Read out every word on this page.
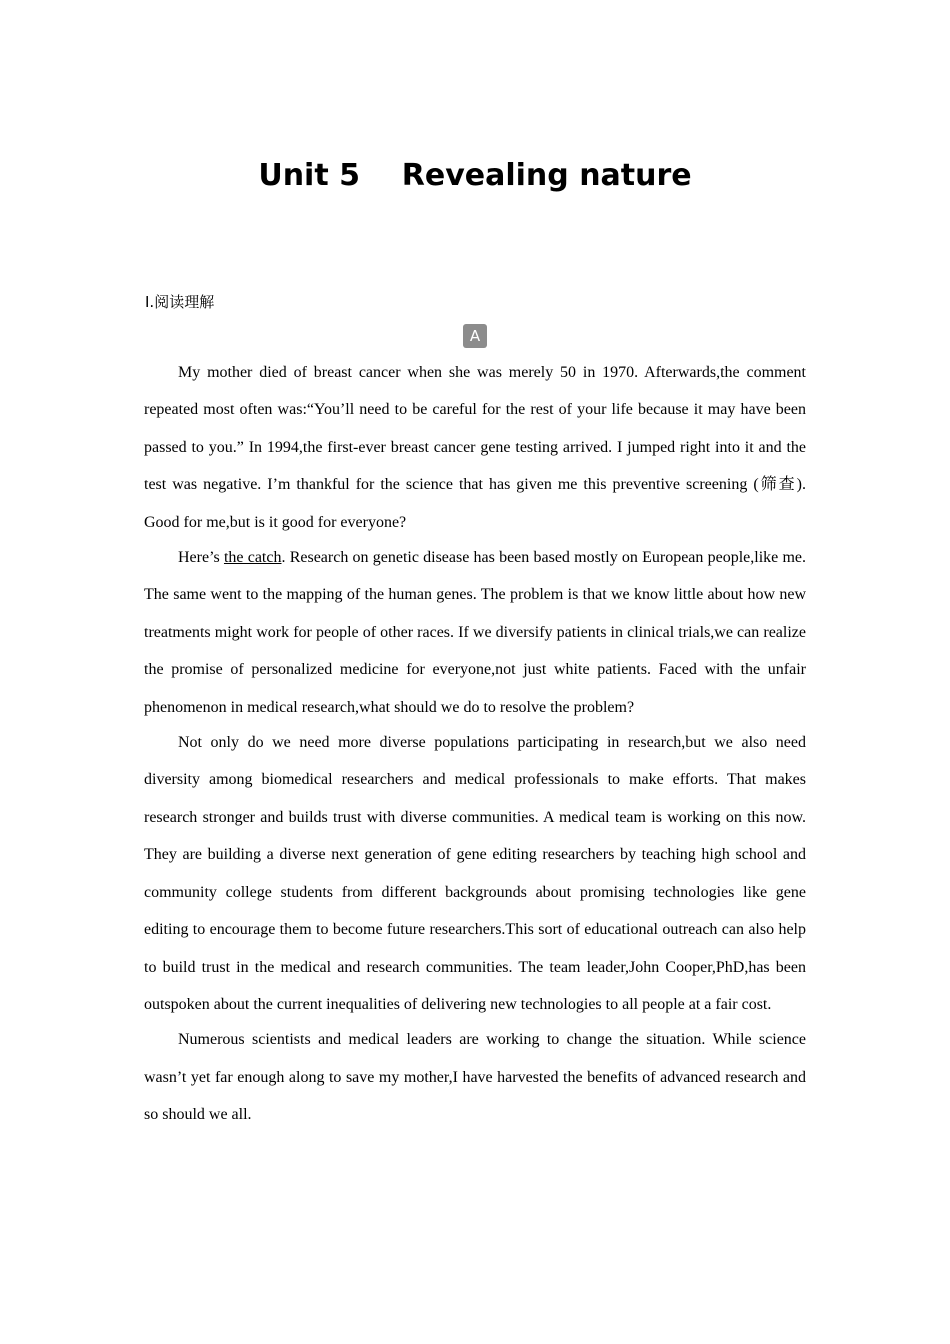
Unit 5    Revealing nature
Ⅰ.阅读理解
A

My mother died of breast cancer when she was merely 50 in 1970. Afterwards,the comment repeated most often was:“You’ll need to be careful for the rest of your life because it may have been passed to you.” In 1994,the first-ever breast cancer gene testing arrived. I jumped right into it and the test was negative. I’m thankful for the science that has given me this preventive screening (筛查). Good for me,but is it good for everyone?

Here’s the catch. Research on genetic disease has been based mostly on European people,like me. The same went to the mapping of the human genes. The problem is that we know little about how new treatments might work for people of other races. If we diversify patients in clinical trials,we can realize the promise of personalized medicine for everyone,not just white patients. Faced with the unfair phenomenon in medical research,what should we do to resolve the problem?

Not only do we need more diverse populations participating in research,but we also need diversity among biomedical researchers and medical professionals to make efforts. That makes research stronger and builds trust with diverse communities. A medical team is working on this now. They are building a diverse next generation of gene editing researchers by teaching high school and community college students from different backgrounds about promising technologies like gene editing to encourage them to become future researchers.This sort of educational outreach can also help to build trust in the medical and research communities. The team leader,John Cooper,PhD,has been outspoken about the current inequalities of delivering new technologies to all people at a fair cost.

Numerous scientists and medical leaders are working to change the situation. While science wasn’t yet far enough along to save my mother,I have harvested the benefits of advanced research and so should we all.
